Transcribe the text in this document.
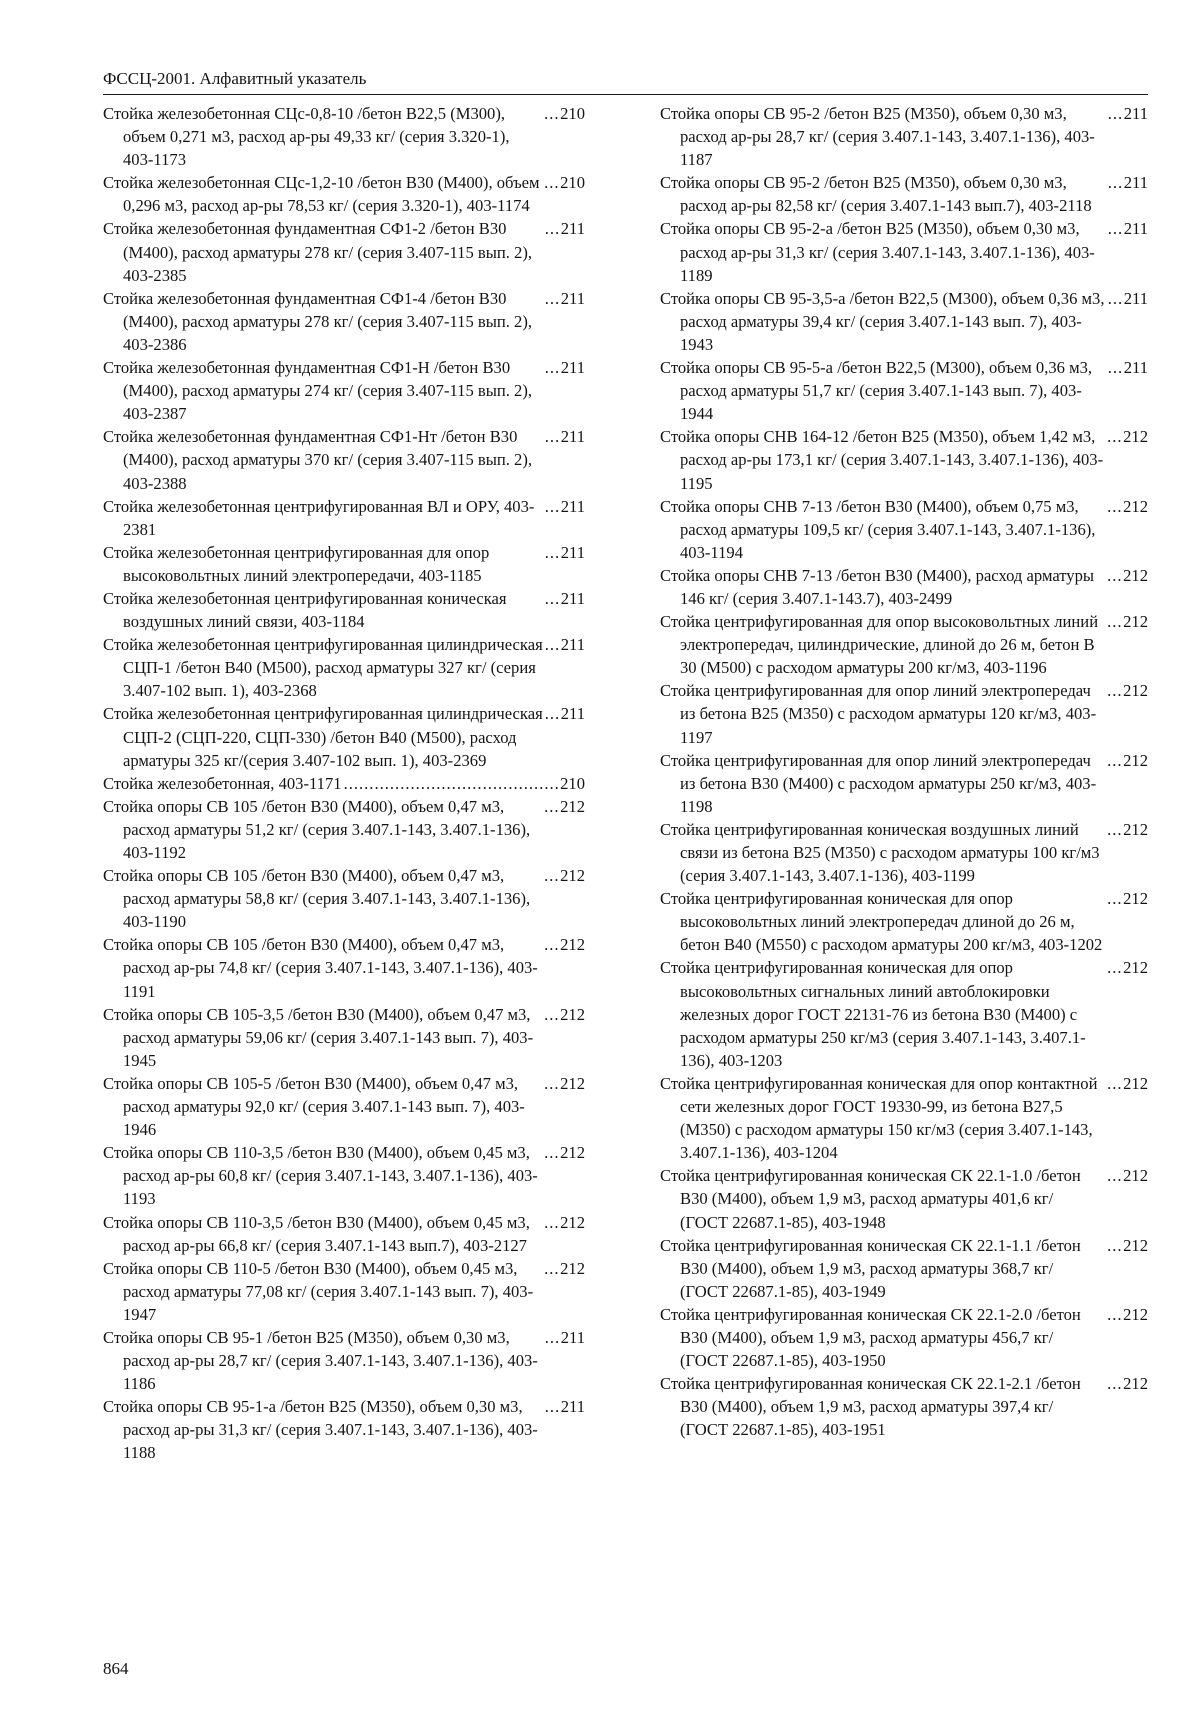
ФССЦ-2001. Алфавитный указатель
Стойка железобетонная СЦс-0,8-10 /бетон В22,5 (М300), объем 0,271 м3, расход ар-ры 49,33 кг/ (серия 3.320-1), 403-1173
.....
210
Стойка железобетонная СЦс-1,2-10 /бетон В30 (М400), объем 0,296 м3, расход ар-ры 78,53 кг/ (серия 3.320-1), 403-1174
.....
210
Стойка железобетонная фундаментная СФ1-2 /бетон В30 (М400), расход арматуры 278 кг/ (серия 3.407-115 вып. 2), 403-2385
.....
211
Стойка железобетонная фундаментная СФ1-4 /бетон В30 (М400), расход арматуры 278 кг/ (серия 3.407-115 вып. 2), 403-2386
.....
211
Стойка железобетонная фундаментная СФ1-Н /бетон В30 (М400), расход арматуры 274 кг/ (серия 3.407-115 вып. 2), 403-2387
.....
211
Стойка железобетонная фундаментная СФ1-Нт /бетон В30 (М400), расход арматуры 370 кг/ (серия 3.407-115 вып. 2), 403-2388
.....
211
Стойка железобетонная центрифугированная ВЛ и ОРУ, 403-2381
.....
211
Стойка железобетонная центрифугированная для опор высоковольтных линий электропередачи, 403-1185
.....
211
Стойка железобетонная центрифугированная коническая воздушных линий связи, 403-1184
.....
211
Стойка железобетонная центрифугированная цилиндрическая СЦП-1 /бетон В40 (М500), расход арматуры 327 кг/ (серия 3.407-102 вып. 1), 403-2368
.....
211
Стойка железобетонная центрифугированная цилиндрическая СЦП-2 (СЦП-220, СЦП-330) /бетон В40 (М500), расход арматуры 325 кг/(серия 3.407-102 вып. 1), 403-2369
.....
211
Стойка железобетонная, 403-1171
.....	210
Стойка опоры СВ 105 /бетон В30 (М400), объем 0,47 м3, расход арматуры 51,2 кг/ (серия 3.407.1-143, 3.407.1-136), 403-1192
.....
212
Стойка опоры СВ 105 /бетон В30 (М400), объем 0,47 м3, расход арматуры 58,8 кг/ (серия 3.407.1-143, 3.407.1-136), 403-1190
.....
212
Стойка опоры СВ 105 /бетон В30 (М400), объем 0,47 м3, расход ар-ры 74,8 кг/ (серия 3.407.1-143, 3.407.1-136), 403-1191
.....
212
Стойка опоры СВ 105-3,5 /бетон В30 (М400), объем 0,47 м3, расход арматуры 59,06 кг/ (серия 3.407.1-143 вып. 7), 403-1945
.....
212
Стойка опоры СВ 105-5 /бетон В30 (М400), объем 0,47 м3, расход арматуры 92,0 кг/ (серия 3.407.1-143 вып. 7), 403-1946
.....
212
Стойка опоры СВ 110-3,5 /бетон В30 (М400), объем 0,45 м3, расход ар-ры 60,8 кг/ (серия 3.407.1-143, 3.407.1-136), 403-1193
.....
212
Стойка опоры СВ 110-3,5 /бетон В30 (М400), объем 0,45 м3, расход ар-ры 66,8 кг/ (серия 3.407.1-143 вып.7), 403-2127
.....
212
Стойка опоры СВ 110-5 /бетон В30 (М400), объем 0,45 м3, расход арматуры 77,08 кг/ (серия 3.407.1-143 вып. 7), 403-1947
.....
212
Стойка опоры СВ 95-1 /бетон В25 (М350), объем 0,30 м3, расход ар-ры 28,7 кг/ (серия 3.407.1-143, 3.407.1-136), 403-1186
.....
211
Стойка опоры СВ 95-1-а /бетон В25 (М350), объем 0,30 м3, расход ар-ры 31,3 кг/ (серия 3.407.1-143, 3.407.1-136), 403-1188
.....
211
Стойка опоры СВ 95-2 /бетон В25 (М350), объем 0,30 м3, расход ар-ры 28,7 кг/ (серия 3.407.1-143, 3.407.1-136), 403-1187
.....
211
Стойка опоры СВ 95-2 /бетон В25 (М350), объем 0,30 м3, расход ар-ры 82,58 кг/ (серия 3.407.1-143 вып.7), 403-2118
.....
211
Стойка опоры СВ 95-2-а /бетон В25 (М350), объем 0,30 м3, расход ар-ры 31,3 кг/ (серия 3.407.1-143, 3.407.1-136), 403-1189
.....
211
Стойка опоры СВ 95-3,5-а /бетон В22,5 (М300), объем 0,36 м3, расход арматуры 39,4 кг/ (серия 3.407.1-143 вып. 7), 403-1943
.....
211
Стойка опоры СВ 95-5-а /бетон В22,5 (М300), объем 0,36 м3, расход арматуры 51,7 кг/ (серия 3.407.1-143 вып. 7), 403-1944
.....
211
Стойка опоры СНВ 164-12 /бетон В25 (М350), объем 1,42 м3, расход ар-ры 173,1 кг/ (серия 3.407.1-143, 3.407.1-136), 403-1195
.....
212
Стойка опоры СНВ 7-13 /бетон В30 (М400), объем 0,75 м3, расход арматуры 109,5 кг/ (серия 3.407.1-143, 3.407.1-136), 403-1194
.....
212
Стойка опоры СНВ 7-13 /бетон В30 (М400), расход арматуры 146 кг/ (серия 3.407.1-143.7), 403-2499
.....
212
Стойка центрифугированная для опор высоковольтных линий электропередач, цилиндрические, длиной до 26 м, бетон В 30 (М500) с расходом арматуры 200 кг/м3, 403-1196
.....
212
Стойка центрифугированная для опор линий электропередач из бетона В25 (М350) с расходом арматуры 120 кг/м3, 403-1197
.....
212
Стойка центрифугированная для опор линий электропередач из бетона В30 (М400) с расходом арматуры 250 кг/м3, 403-1198
.....
212
Стойка центрифугированная коническая воздушных линий связи из бетона В25 (М350) с расходом арматуры 100 кг/м3 (серия 3.407.1-143, 3.407.1-136), 403-1199
.....
212
Стойка центрифугированная коническая для опор высоковольтных линий электропередач длиной до 26 м, бетон В40 (М550) с расходом арматуры 200 кг/м3, 403-1202
.....
212
Стойка центрифугированная коническая для опор высоковольтных сигнальных линий автоблокировки железных дорог ГОСТ 22131-76 из бетона В30 (М400) с расходом арматуры 250 кг/м3 (серия 3.407.1-143, 3.407.1-136), 403-1203
.....
212
Стойка центрифугированная коническая для опор контактной сети железных дорог ГОСТ 19330-99, из бетона В27,5 (М350) с расходом арматуры 150 кг/м3 (серия 3.407.1-143, 3.407.1-136), 403-1204
.....
212
Стойка центрифугированная коническая СК 22.1-1.0 /бетон В30 (М400), объем 1,9 м3, расход арматуры 401,6 кг/ (ГОСТ 22687.1-85), 403-1948
.....
212
Стойка центрифугированная коническая СК 22.1-1.1 /бетон В30 (М400), объем 1,9 м3, расход арматуры 368,7 кг/ (ГОСТ 22687.1-85), 403-1949
.....
212
Стойка центрифугированная коническая СК 22.1-2.0 /бетон В30 (М400), объем 1,9 м3, расход арматуры 456,7 кг/ (ГОСТ 22687.1-85), 403-1950
.....
212
Стойка центрифугированная коническая СК 22.1-2.1 /бетон В30 (М400), объем 1,9 м3, расход арматуры 397,4 кг/ (ГОСТ 22687.1-85), 403-1951
.....
212
864
